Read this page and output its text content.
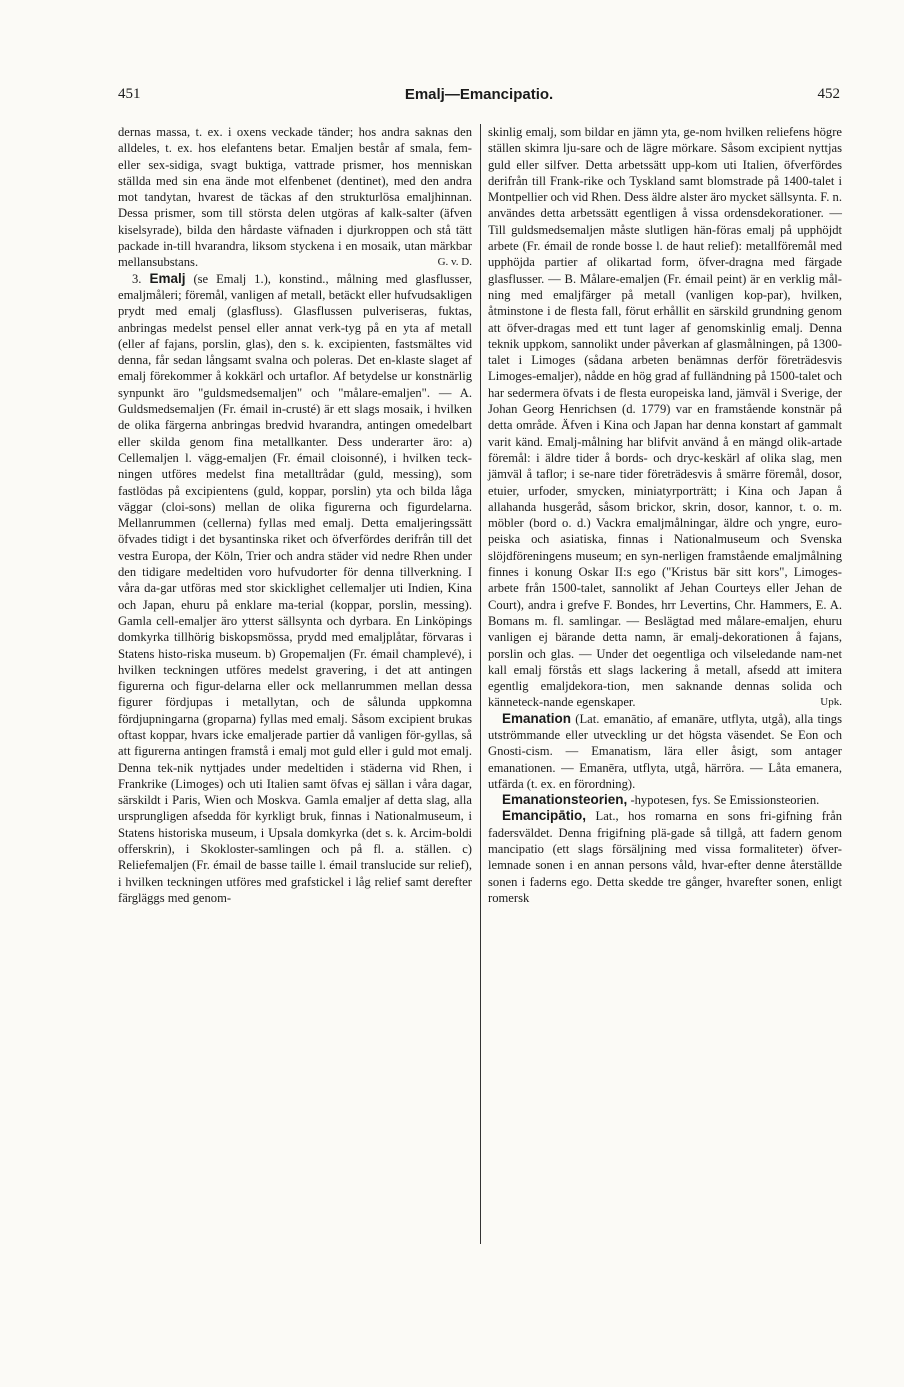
451	Emalj—Emancipatio.	452

dernas massa, t. ex. i oxens veckade tänder; hos andra saknas den alldeles, t. ex. hos elefantens betar. Emaljen består af smala, fem- eller sex-sidiga, svagt buktiga, vattrade prismer, hos menniskan ställda med sin ena ände mot elfenbenet (dentinet), med den andra mot tandytan, hvarest de täckas af den strukturlösa emaljhinnan. Dessa prismer, som till största delen utgöras af kalk-salter (äfven kiselsyrade), bilda den hårdaste väfnaden i djurkroppen och stå tätt packade in-till hvarandra, liksom styckena i en mosaik, utan märkbar mellansubstans.	G. v. D.

3. Emalj (se Emalj 1.), konstind., målning med glasflusser, emaljmåleri; föremål, vanligen af metall, betäckt eller hufvudsakligen prydt med emalj (glasfluss). Glasflussen pulveriseras, fuktas, anbringas medelst pensel eller annat verk-tyg på en yta af metall (eller af fajans, porslin, glas), den s. k. excipienten, fastsmältes vid denna, får sedan långsamt svalna och poleras. Det en-klaste slaget af emalj förekommer å kokkärl och urtaflor. Af betydelse ur konstnärlig synpunkt äro "guldsmedsemaljen" och "målare-emaljen". — A. Guldsmedsemaljen (Fr. émail in-crusté) är ett slags mosaik, i hvilken de olika färgerna anbringas bredvid hvarandra, antingen omedelbart eller skilda genom fina metallkanter. Dess underarter äro: a) Cellemaljen l. vägg-emaljen (Fr. émail cloisonné), i hvilken teck-ningen utföres medelst fina metalltrådar (guld, messing), som fastlödas på excipientens (guld, koppar, porslin) yta och bilda låga väggar (cloi-sons) mellan de olika figurerna och figurdelarna. Mellanrummen (cellerna) fyllas med emalj. Detta emaljeringssätt öfvades tidigt i det bysantinska riket och öfverfördes derifrån till det vestra Europa, der Köln, Trier och andra städer vid nedre Rhen under den tidigare medeltiden voro hufvudorter för denna tillverkning. I våra da-gar utföras med stor skicklighet cellemaljer uti Indien, Kina och Japan, ehuru på enklare ma-terial (koppar, porslin, messing). Gamla cell-emaljer äro ytterst sällsynta och dyrbara. En Linköpings domkyrka tillhörig biskopsmössa, prydd med emaljplåtar, förvaras i Statens histo-riska museum. b) Gropemaljen (Fr. émail champlevé), i hvilken teckningen utföres medelst gravering, i det att antingen figurerna och figur-delarna eller ock mellanrummen mellan dessa figurer fördjupas i metallytan, och de sålunda uppkomna fördjupningarna (groparna) fyllas med emalj. Såsom excipient brukas oftast koppar, hvars icke emaljerade partier då vanligen för-gyllas, så att figurerna antingen framstå i emalj mot guld eller i guld mot emalj. Denna tek-nik nyttjades under medeltiden i städerna vid Rhen, i Frankrike (Limoges) och uti Italien samt öfvas ej sällan i våra dagar, särskildt i Paris, Wien och Moskva. Gamla emaljer af detta slag, alla ursprungligen afsedda för kyrkligt bruk, finnas i Nationalmuseum, i Statens historiska museum, i Upsala domkyrka (det s. k. Arcim-boldi offerskrin), i Skokloster-samlingen och på fl. a. ställen. c) Reliefemaljen (Fr. émail de basse taille l. émail translucide sur relief), i hvilken teckningen utföres med grafstickel i låg relief samt derefter färgläggs med genom-

skinlig emalj, som bildar en jämn yta, ge-nom hvilken reliefens högre ställen skimra lju-sare och de lägre mörkare. Såsom excipient nyttjas guld eller silfver. Detta arbetssätt upp-kom uti Italien, öfverfördes derifrån till Frank-rike och Tyskland samt blomstrade på 1400-talet i Montpellier och vid Rhen. Dess äldre alster äro mycket sällsynta. F. n. användes detta arbetssätt egentligen å vissa ordensdekorationer. — Till guldsmedsemaljen måste slutligen hän-föras emalj på upphöjdt arbete (Fr. émail de ronde bosse l. de haut relief): metallföremål med upphöjda partier af olikartad form, öfver-dragna med färgade glasflusser. — B. Målare-emaljen (Fr. émail peint) är en verklig mål-ning med emaljfärger på metall (vanligen kop-par), hvilken, åtminstone i de flesta fall, förut erhållit en särskild grundning genom att öfver-dragas med ett tunt lager af genomskinlig emalj. Denna teknik uppkom, sannolikt under påverkan af glasmålningen, på 1300-talet i Limoges (sådana arbeten benämnas derför företrädesvis Limoges-emaljer), nådde en hög grad af fulländning på 1500-talet och har sedermera öfvats i de flesta europeiska land, jämväl i Sverige, der Johan Georg Henrichsen (d. 1779) var en framstående konstnär på detta område. Äfven i Kina och Japan har denna konstart af gammalt varit känd. Emalj-målning har blifvit använd å en mängd olik-artade föremål: i äldre tider å bords- och dryc-keskärl af olika slag, men jämväl å taflor; i se-nare tider företrädesvis å smärre föremål, dosor, etuier, urfoder, smycken, miniatyrporträtt; i Kina och Japan å allahanda husgeråd, såsom brickor, skrin, dosor, kannor, t. o. m. möbler (bord o. d.) Vackra emaljmålningar, äldre och yngre, euro-peiska och asiatiska, finnas i Nationalmuseum och Svenska slöjdföreningens museum; en syn-nerligen framstående emaljmålning finnes i konung Oskar II:s ego ("Kristus bär sitt kors", Limoges-arbete från 1500-talet, sannolikt af Jehan Courteys eller Jehan de Court), andra i grefve F. Bondes, hrr Levertins, Chr. Hammers, E. A. Bomans m. fl. samlingar. — Beslägtad med målare-emaljen, ehuru vanligen ej bärande detta namn, är emalj-dekorationen å fajans, porslin och glas. — Under det oegentliga och vilseledande nam-net kall emalj förstås ett slags lackering å metall, afsedd att imitera egentlig emaljdekora-tion, men saknande dennas solida och känneteck-nande egenskaper.	Upk.

Emanation (Lat. emanātio, af emanāre, utflyta, utgå), alla tings utströmmande eller utveckling ur det högsta väsendet. Se Eon och Gnosti-cism. — Emanatism, lära eller åsigt, som antager emanationen. — Emanēra, utflyta, utgå, härröra. — Låta emanera, utfärda (t. ex. en förordning).

Emanationsteorien, -hypotesen, fys. Se Emissionsteorien.

Emancipātio, Lat., hos romarna en sons fri-gifning från fadersväldet. Denna frigifning plä-gade så tillgå, att fadern genom mancipatio (ett slags försäljning med vissa formaliteter) öfver-lemnade sonen i en annan persons våld, hvar-efter denne återställde sonen i faderns ego. Detta skedde tre gånger, hvarefter sonen, enligt romersk
